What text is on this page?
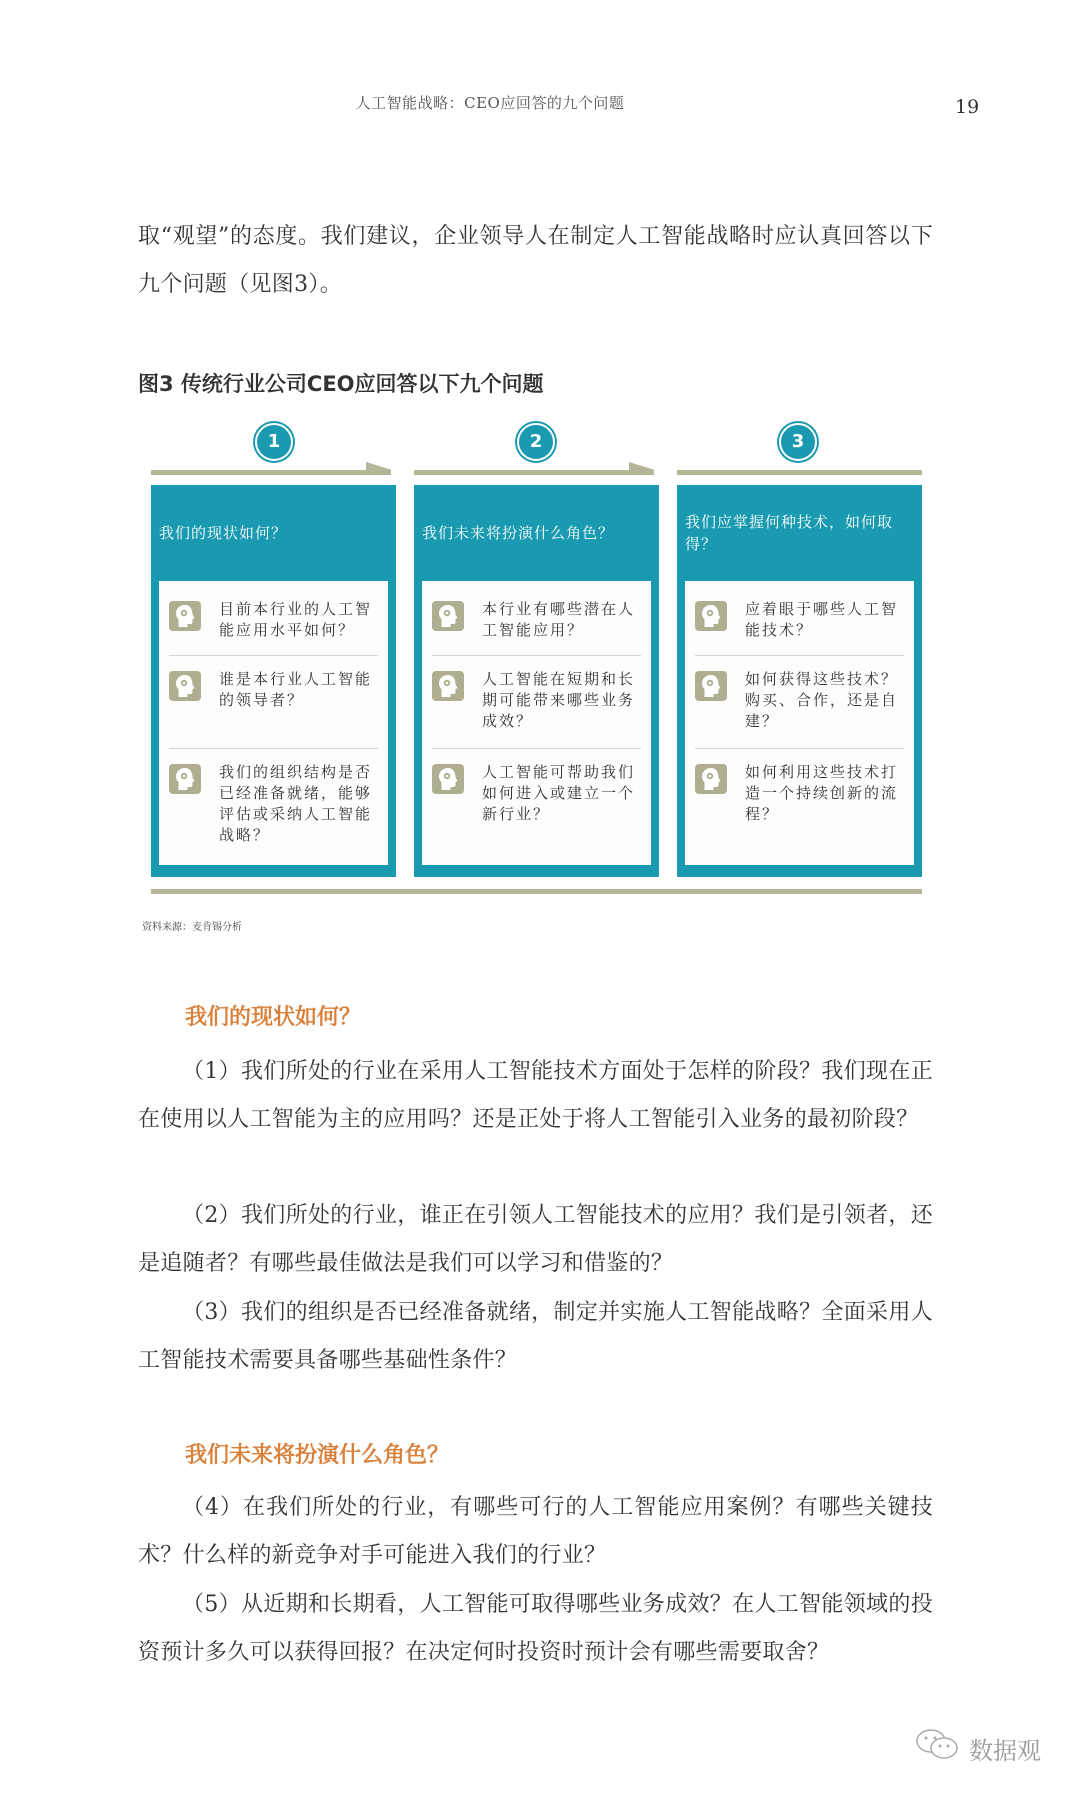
人工智能战略：CEO应回答的九个问题	19
取“观望”的态度。我们建议，企业领导人在制定人工智能战略时应认真回答以下九个问题（见图3）。
图3 传统行业公司CEO应回答以下九个问题
1	2	3
我们的现状如何？
目前本行业的人工智能应用水平如何？
谁是本行业人工智能的领导者？
我们的组织结构是否已经准备就绪，能够评估或采纳人工智能战略？
我们未来将扮演什么角色？
本行业有哪些潜在人工智能应用？
人工智能在短期和长期可能带来哪些业务成效？
人工智能可帮助我们如何进入或建立一个新行业？
我们应掌握何种技术，如何取得？
应着眼于哪些人工智能技术？
如何获得这些技术？购买、合作，还是自建？
如何利用这些技术打造一个持续创新的流程？
资料来源：麦肯锡分析
我们的现状如何？
（1）我们所处的行业在采用人工智能技术方面处于怎样的阶段？我们现在正在使用以人工智能为主的应用吗？还是正处于将人工智能引入业务的最初阶段？
（2）我们所处的行业，谁正在引领人工智能技术的应用？我们是引领者，还是追随者？有哪些最佳做法是我们可以学习和借鉴的？
（3）我们的组织是否已经准备就绪，制定并实施人工智能战略？全面采用人工智能技术需要具备哪些基础性条件？
我们未来将扮演什么角色？
（4）在我们所处的行业，有哪些可行的人工智能应用案例？有哪些关键技术？什么样的新竞争对手可能进入我们的行业？
（5）从近期和长期看，人工智能可取得哪些业务成效？在人工智能领域的投资预计多久可以获得回报？在决定何时投资时预计会有哪些需要取舍？
数据观
